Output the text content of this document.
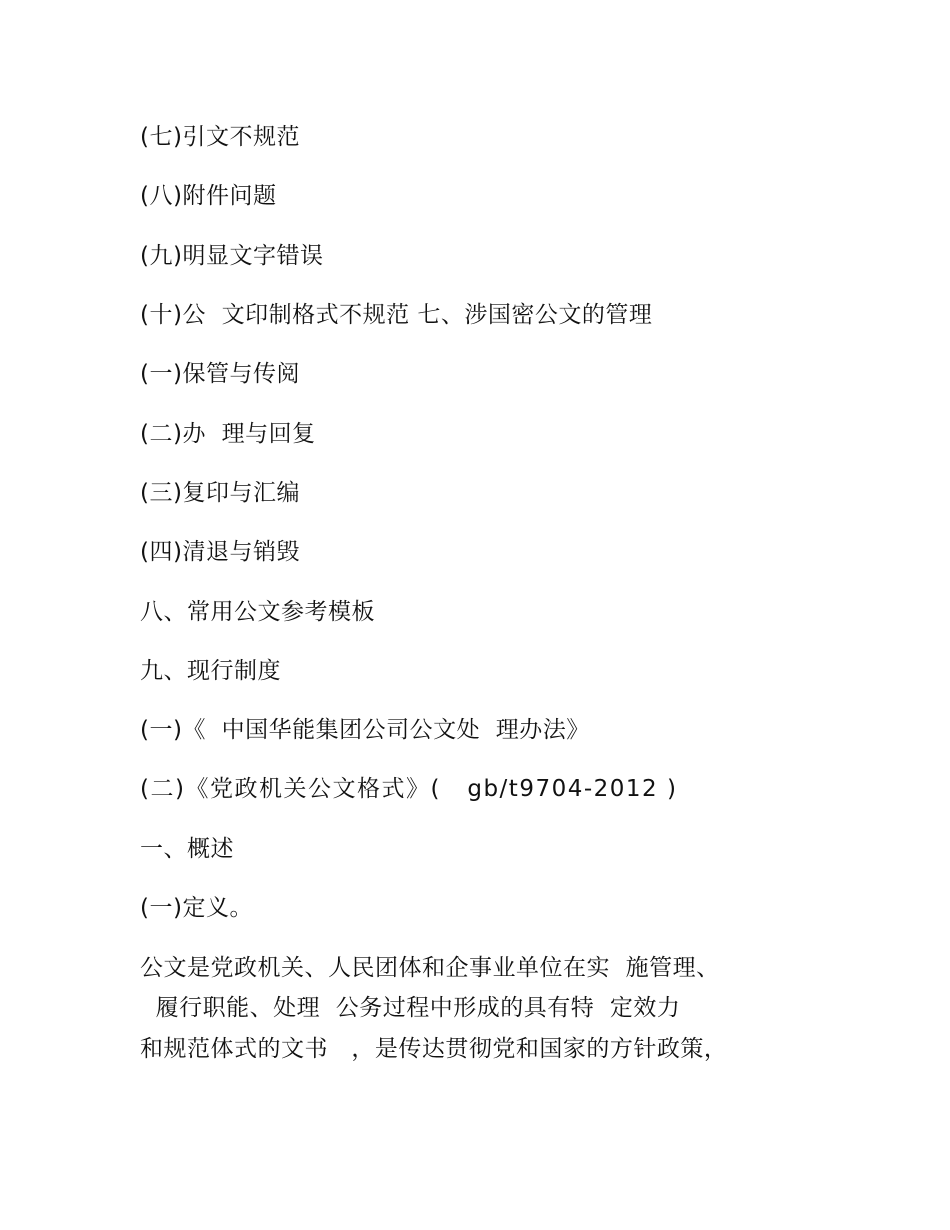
(七)引文不规范
(八)附件问题
(九)明显文字错误
(十)公  文印制格式不规范 七、涉国密公文的管理
(一)保管与传阅
(二)办  理与回复
(三)复印与汇编
(四)清退与销毁
八、常用公文参考模板
九、现行制度
(一)《  中国华能集团公司公文处  理办法》
(二)《党政机关公文格式》(   gb/t9704-2012 )
一、概述
(一)定义。
公文是党政机关、人民团体和企事业单位在实  施管理、
履行职能、处理  公务过程中形成的具有特  定效力
和规范体式的文书   ，是传达贯彻党和国家的方针政策，
